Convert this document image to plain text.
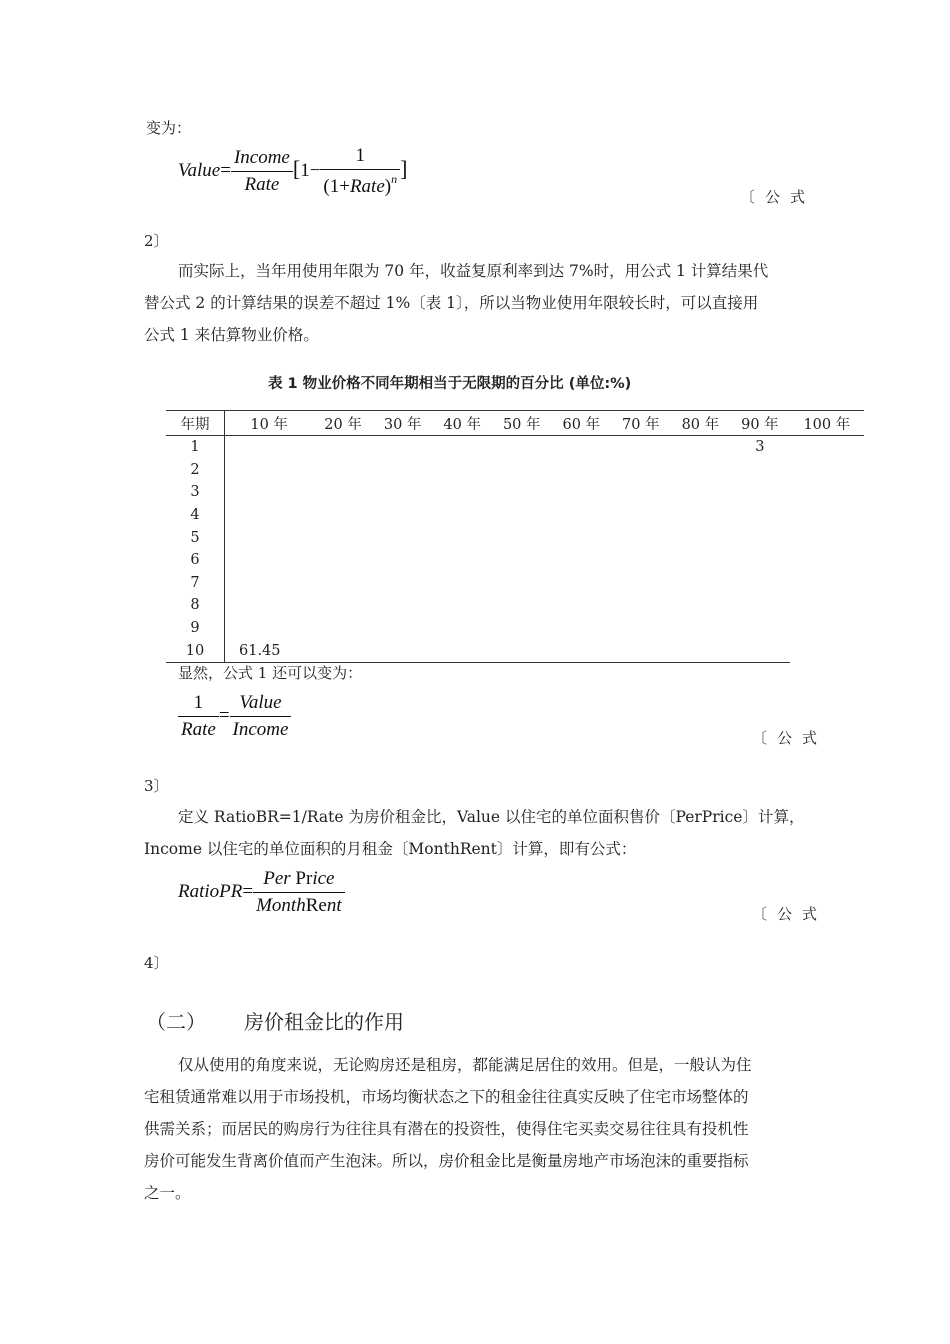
变为：
Value= $\frac{\text{Income}}{\text{Rate}} [1- \frac{1}{(1+Rate)^n}$ ]
〔公式
2〕
而实际上，当年用使用年限为 70 年，收益复原利率到达 7%时，用公式 1 计算结果代
替公式 2 的计算结果的误差不超过 1%〔表 1〕，所以当物业使用年限较长时，可以直接用
公式 1 来估算物业价格。
表 1 物业价格不同年期相当于无限期的百分比 (单位:%)
年期	10 年	20 年	30 年	40 年	50 年	60 年	70 年	80 年	90 年	100 年
1									3	
2										
3										
4										
5										
6										
7										
8										
9										
10	61.45									
显然，公式 1 还可以变为：
$\frac{1}{\text{Rate}} = \frac{\text{Value}}{\text{Income}}$	〔公式
3〕
定义 RatioBR=1/Rate 为房价租金比，Value 以住宅的单位面积售价〔PerPrice〕计算，
Income 以住宅的单位面积的月租金〔MonthRent〕计算，即有公式：
RatioPR= $\frac{\text{Per Price}}{\text{MonthRent}}$	〔公式
4〕
（二） 房价租金比的作用
仅从使用的角度来说，无论购房还是租房，都能满足居住的效用。但是，一般认为住
宅租赁通常难以用于市场投机，市场均衡状态之下的租金往往真实反映了住宅市场整体的
供需关系；而居民的购房行为往往具有潜在的投资性，使得住宅买卖交易往往具有投机性
房价可能发生背离价值而产生泡沫。所以，房价租金比是衡量房地产市场泡沫的重要指标
之一。
